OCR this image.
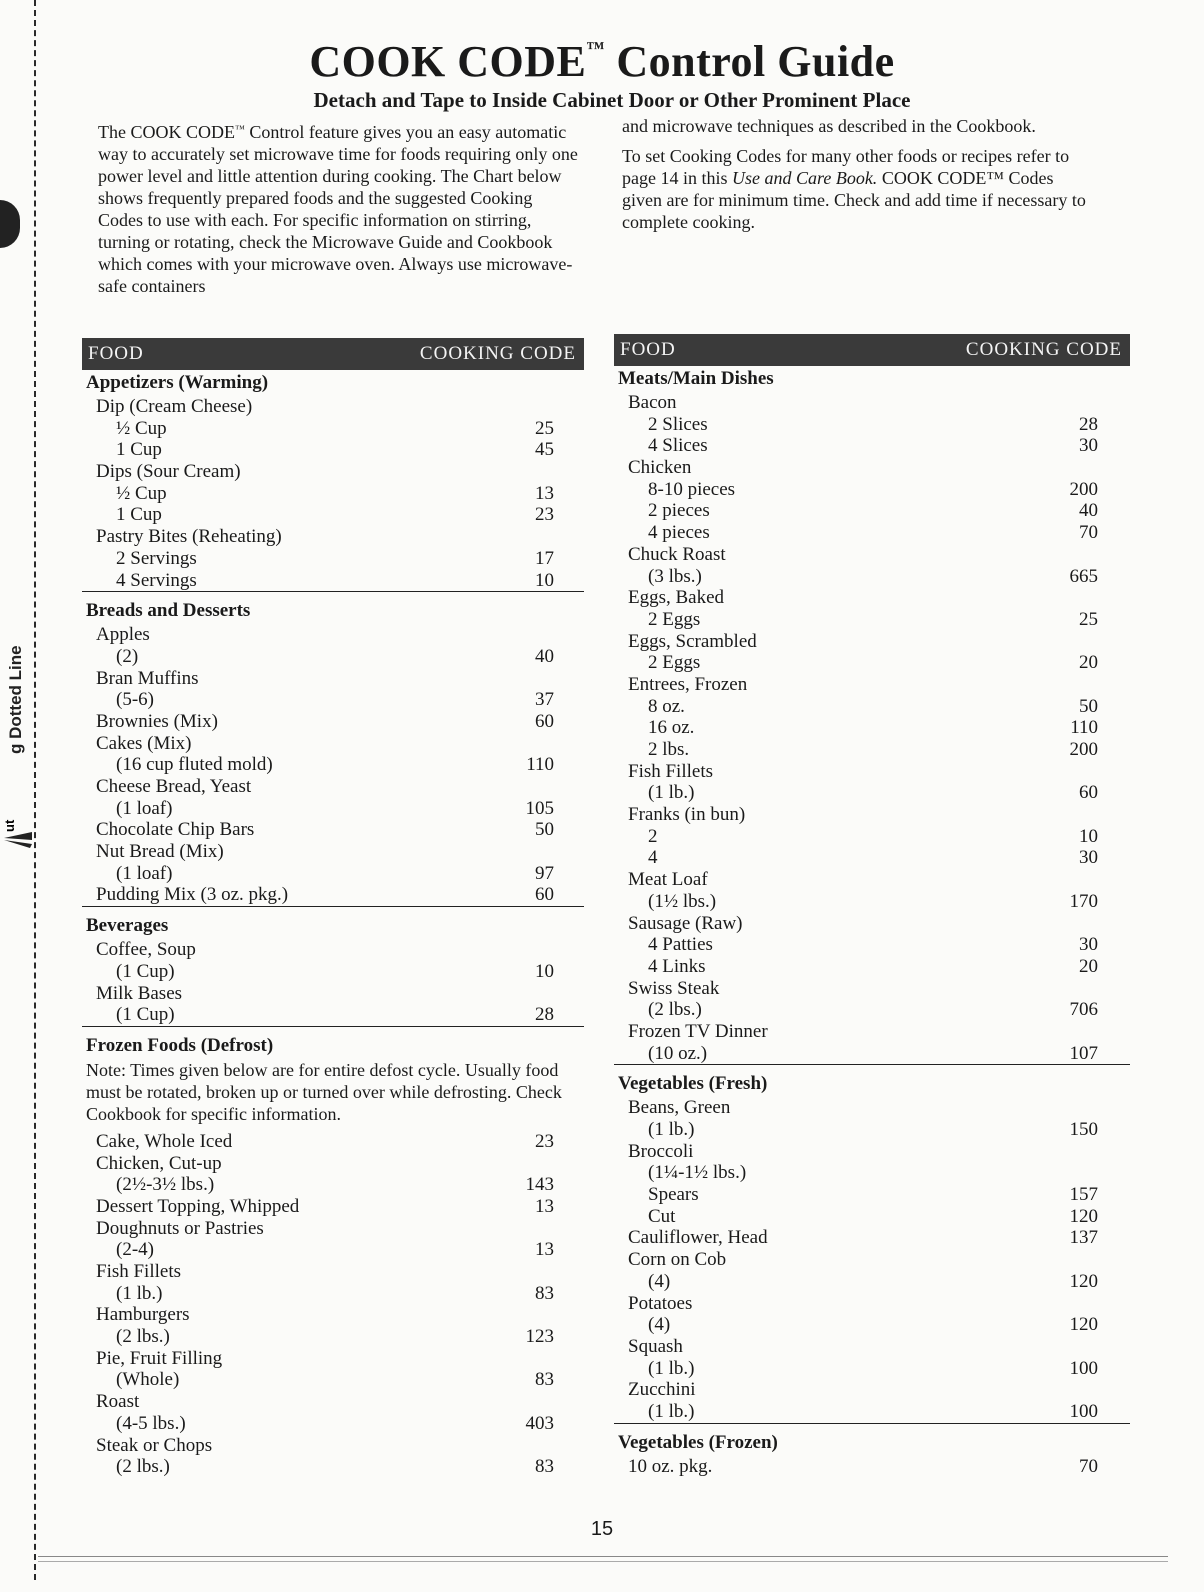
g Dotted Line
ut
COOK CODE™ Control Guide
Detach and Tape to Inside Cabinet Door or Other Prominent Place

The COOK CODE™ Control feature gives you an easy automatic way to accurately set microwave time for foods requiring only one power level and little attention during cooking. The Chart below shows frequently prepared foods and the suggested Cooking Codes to use with each. For specific information on stirring, turning or rotating, check the Microwave Guide and Cookbook which comes with your microwave oven. Always use microwave-safe containers

and microwave techniques as described in the Cookbook.

To set Cooking Codes for many other foods or recipes refer to page 14 in this Use and Care Book. COOK CODE™ Codes given are for minimum time. Check and add time if necessary to complete cooking.

FOOD	COOKING CODE
Appetizers (Warming)
Dip (Cream Cheese)
½ Cup	25
1 Cup	45
Dips (Sour Cream)
½ Cup	13
1 Cup	23
Pastry Bites (Reheating)
2 Servings	17
4 Servings	10
Breads and Desserts
Apples
(2)	40
Bran Muffins
(5-6)	37
Brownies (Mix)	60
Cakes (Mix)
(16 cup fluted mold)	110
Cheese Bread, Yeast
(1 loaf)	105
Chocolate Chip Bars	50
Nut Bread (Mix)
(1 loaf)	97
Pudding Mix (3 oz. pkg.)	60
Beverages
Coffee, Soup
(1 Cup)	10
Milk Bases
(1 Cup)	28
Frozen Foods (Defrost)
Note: Times given below are for entire defost cycle. Usually food must be rotated, broken up or turned over while defrosting. Check Cookbook for specific information.
Cake, Whole Iced	23
Chicken, Cut-up
(2½-3½ lbs.)	143
Dessert Topping, Whipped	13
Doughnuts or Pastries
(2-4)	13
Fish Fillets
(1 lb.)	83
Hamburgers
(2 lbs.)	123
Pie, Fruit Filling
(Whole)	83
Roast
(4-5 lbs.)	403
Steak or Chops
(2 lbs.)	83
FOOD	COOKING CODE
Meats/Main Dishes
Bacon
2 Slices	28
4 Slices	30
Chicken
8-10 pieces	200
2 pieces	40
4 pieces	70
Chuck Roast
(3 lbs.)	665
Eggs, Baked
2 Eggs	25
Eggs, Scrambled
2 Eggs	20
Entrees, Frozen
8 oz.	50
16 oz.	110
2 lbs.	200
Fish Fillets
(1 lb.)	60
Franks (in bun)
2	10
4	30
Meat Loaf
(1½ lbs.)	170
Sausage (Raw)
4 Patties	30
4 Links	20
Swiss Steak
(2 lbs.)	706
Frozen TV Dinner
(10 oz.)	107
Vegetables (Fresh)
Beans, Green
(1 lb.)	150
Broccoli
(1¼-1½ lbs.)
Spears	157
Cut	120
Cauliflower, Head	137
Corn on Cob
(4)	120
Potatoes
(4)	120
Squash
(1 lb.)	100
Zucchini
(1 lb.)	100
Vegetables (Frozen)
10 oz. pkg.	70
15
